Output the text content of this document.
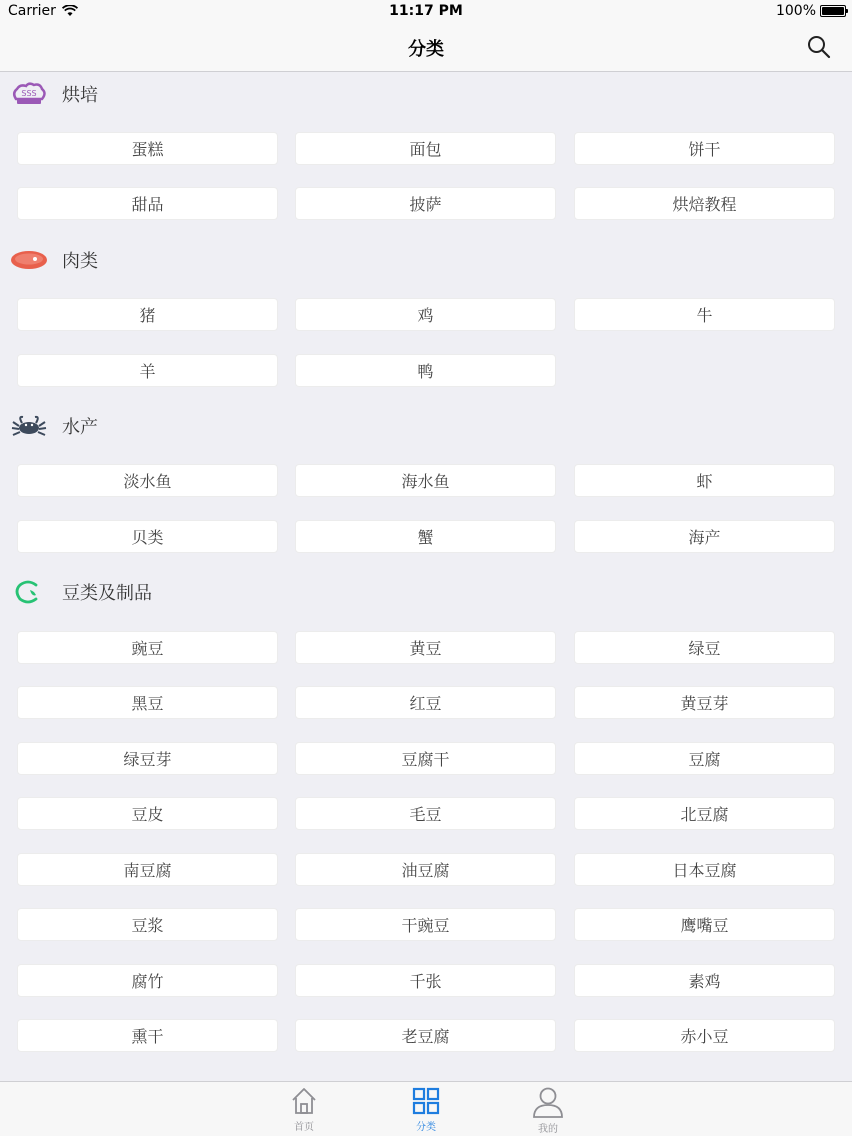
Carrier	11:17 PM	100%
分类
SSS 烘培
蛋糕	面包	饼干
甜品	披萨	烘焙教程
肉类
猪	鸡	牛
羊	鸭
水产
淡水鱼	海水鱼	虾
贝类	蟹	海产
豆类及制品
豌豆	黄豆	绿豆
黑豆	红豆	黄豆芽
绿豆芽	豆腐干	豆腐
豆皮	毛豆	北豆腐
南豆腐	油豆腐	日本豆腐
豆浆	干豌豆	鹰嘴豆
腐竹	千张	素鸡
熏干	老豆腐	赤小豆
首页	分类	我的
